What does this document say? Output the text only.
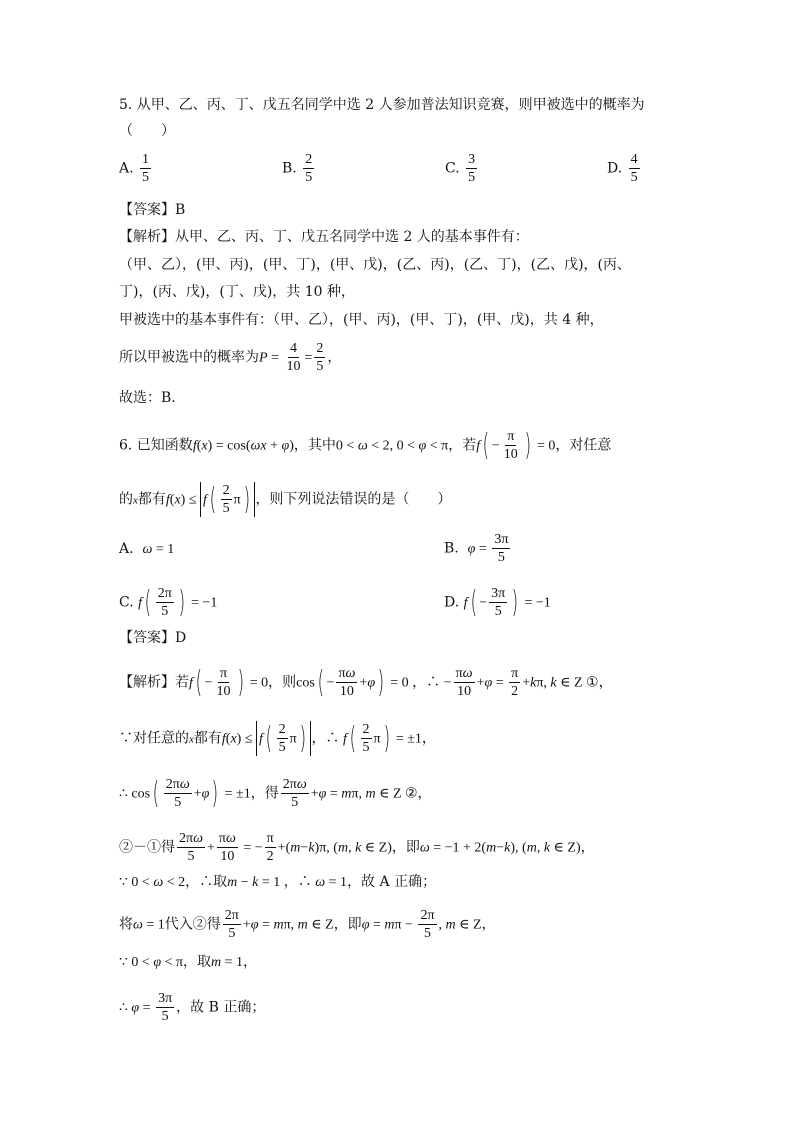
5. 从甲、乙、丙、丁、戊五名同学中选 2 人参加普法知识竞赛，则甲被选中的概率为
（　　）
A. $\frac{1}{5}$	B. $\frac{2}{5}$	C. $\frac{3}{5}$	D. $\frac{4}{5}$
【答案】B
【解析】从甲、乙、丙、丁、戊五名同学中选 2 人的基本事件有：
（甲、乙），(甲、丙)，(甲、丁)，(甲、戊)，(乙、丙)，(乙、丁)，(乙、戊)，(丙、
丁)，(丙、戊)，(丁、戊)，共 10 种，
甲被选中的基本事件有：（甲、乙），(甲、丙)，(甲、丁)，(甲、戊)，共 4 种，
所以甲被选中的概率为$P = \frac{4}{10} = \frac{2}{5}$ ，
故选：B.
6. 已知函数f(x) = cos(ωx + φ)，其中0 < ω < 2, 0 < φ < π，若$f( - \frac{\pi}{10}$ ) = 0，对任意
的x都有$f(x) \le f( \frac{2}{5} \pi)$ ，则下列说法错误的是（　　）
A. ω = 1	B. $\varphi = \frac{3\pi}{5}$
C. $f( \frac{2\pi}{5}$ ) = −1	D. $f( - \frac{3\pi}{5}$ ) = −1
【答案】D
【解析】若$f( - \frac{\pi}{10}$ ) = 0，则$\cos( - \frac{\pi\omega}{10} +\varphi) = 0$ ，∴ − $\frac{\pi\omega}{10} +\varphi = \frac{\pi}{2} +k\pi$, k ∈ Z ①，
∵对任意的x都有$f(x) \le f( \frac{2}{5} \pi)$ ，∴ $f( \frac{2}{5} \pi) = \pm 1$，
∴ $\cos( \frac{2\pi\omega}{5} +\varphi) = \pm 1$，得 $\frac{2\pi\omega}{5} +\varphi = m\pi$, m ∈ Z ②，
②－①得 $\frac{2\pi\omega}{5} + \frac{\pi\omega}{10}$ = − $\frac{\pi}{2} +(m-k)\pi$, (m, k ∈ Z)，即ω = −1 + 2(m−k), (m, k ∈ Z)，
∵ 0 < ω < 2，∴取m − k = 1 ，∴ ω = 1，故 A 正确；
将ω = 1代入②得 $\frac{2\pi}{5} +\varphi = m\pi$, m ∈ Z，即$\varphi = m\pi - \frac{2\pi}{5}$ , m ∈ Z，
∵ 0 < φ < π，取m = 1，
∴ $\varphi = \frac{3\pi}{5}$ ，故 B 正确；
